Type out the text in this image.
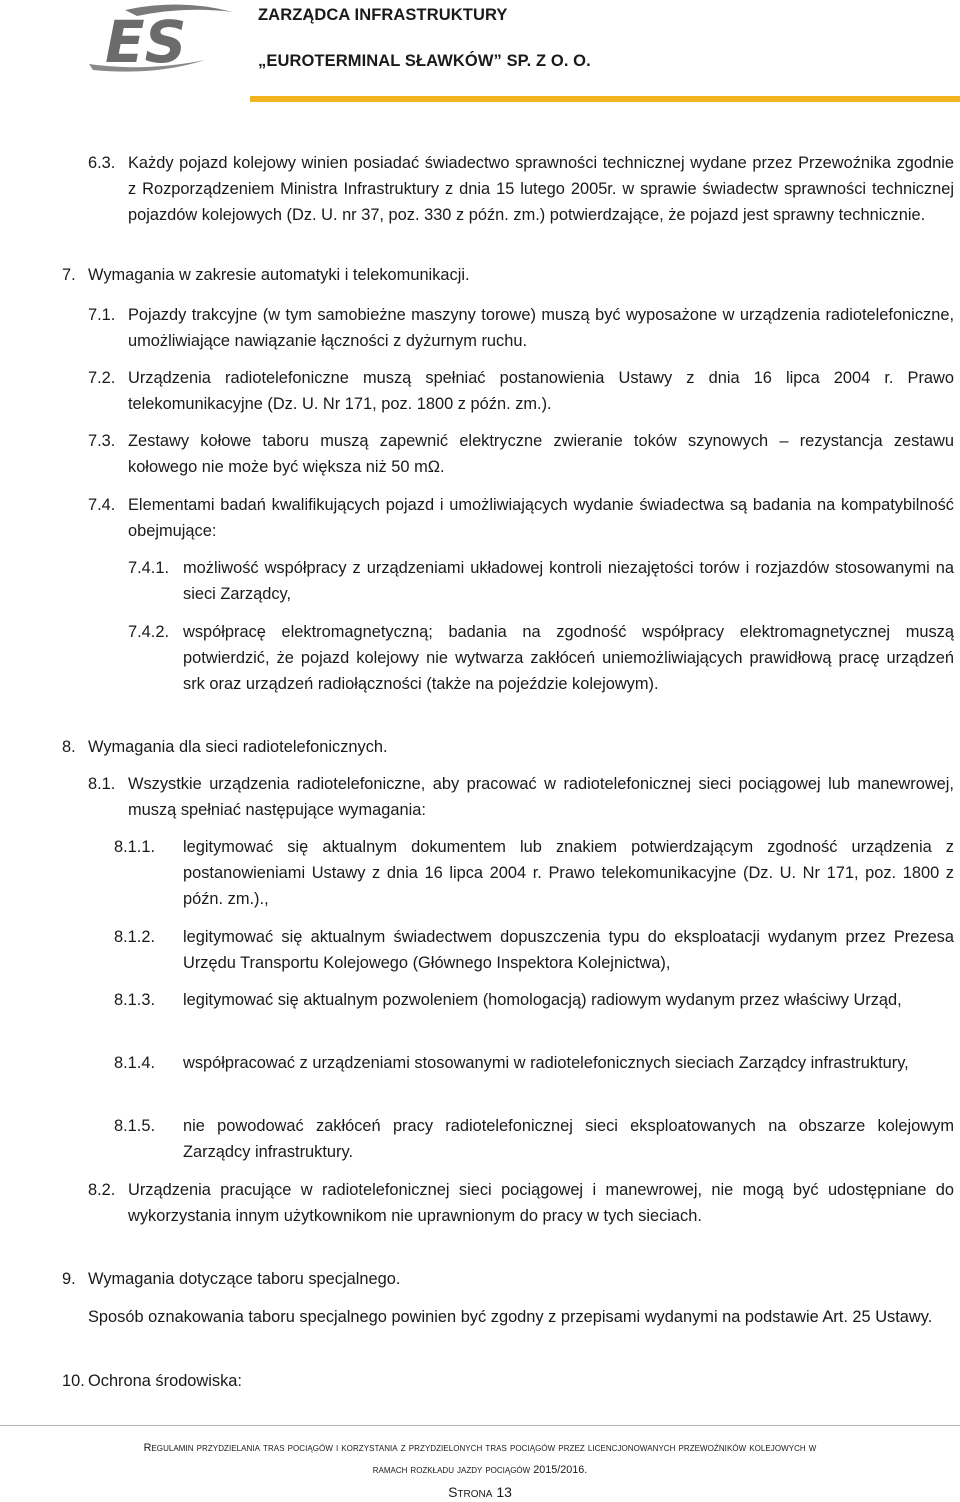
ES	ZARZĄDCA INFRASTRUKTURY
„EUROTERMINAL SŁAWKÓW” SP. Z O. O.
6.3. Każdy pojazd kolejowy winien posiadać świadectwo sprawności technicznej wydane przez Przewoźnika zgodnie z Rozporządzeniem Ministra Infrastruktury z dnia 15 lutego 2005r. w sprawie świadectw sprawności technicznej pojazdów kolejowych (Dz. U. nr 37, poz. 330 z późn. zm.) potwierdzające, że pojazd jest sprawny technicznie.
7. Wymagania w zakresie automatyki i telekomunikacji.
7.1. Pojazdy trakcyjne (w tym samobieżne maszyny torowe) muszą być wyposażone w urządzenia radiotelefoniczne, umożliwiające nawiązanie łączności z dyżurnym ruchu.
7.2. Urządzenia radiotelefoniczne muszą spełniać postanowienia Ustawy z dnia 16 lipca 2004 r. Prawo telekomunikacyjne (Dz. U. Nr 171, poz. 1800 z późn. zm.).
7.3. Zestawy kołowe taboru muszą zapewnić elektryczne zwieranie toków szynowych – rezystancja zestawu kołowego nie może być większa niż 50 mΩ.
7.4. Elementami badań kwalifikujących pojazd i umożliwiających wydanie świadectwa są badania na kompatybilność obejmujące:
7.4.1. możliwość współpracy z urządzeniami układowej kontroli niezajętości torów i rozjazdów stosowanymi na sieci Zarządcy,
7.4.2. współpracę elektromagnetyczną; badania na zgodność współpracy elektromagnetycznej muszą potwierdzić, że pojazd kolejowy nie wytwarza zakłóceń uniemożliwiających prawidłową pracę urządzeń srk oraz urządzeń radiołączności (także na pojeździe kolejowym).
8. Wymagania dla sieci radiotelefonicznych.
8.1. Wszystkie urządzenia radiotelefoniczne, aby pracować w radiotelefonicznej sieci pociągowej lub manewrowej, muszą spełniać następujące wymagania:
8.1.1. legitymować się aktualnym dokumentem lub znakiem potwierdzającym zgodność urządzenia z postanowieniami Ustawy z dnia 16 lipca 2004 r. Prawo telekomunikacyjne (Dz. U. Nr 171, poz. 1800 z późn. zm.).,
8.1.2. legitymować się aktualnym świadectwem dopuszczenia typu do eksploatacji wydanym przez Prezesa Urzędu Transportu Kolejowego (Głównego Inspektora Kolejnictwa),
8.1.3. legitymować się aktualnym pozwoleniem (homologacją) radiowym wydanym przez właściwy Urząd,
8.1.4. współpracować z urządzeniami stosowanymi w radiotelefonicznych sieciach Zarządcy infrastruktury,
8.1.5. nie powodować zakłóceń pracy radiotelefonicznej sieci eksploatowanych na obszarze kolejowym Zarządcy infrastruktury.
8.2. Urządzenia pracujące w radiotelefonicznej sieci pociągowej i manewrowej, nie mogą być udostępniane do wykorzystania innym użytkownikom nie uprawnionym do pracy w tych sieciach.
9. Wymagania dotyczące taboru specjalnego.
Sposób oznakowania taboru specjalnego powinien być zgodny z przepisami wydanymi na podstawie Art. 25 Ustawy.
10. Ochrona środowiska:
Regulamin przydzielania tras pociągów i korzystania z przydzielonych tras pociągów przez licencjonowanych przewoźników kolejowych w
ramach rozkładu jazdy pociągów 2015/2016.
Strona 13
